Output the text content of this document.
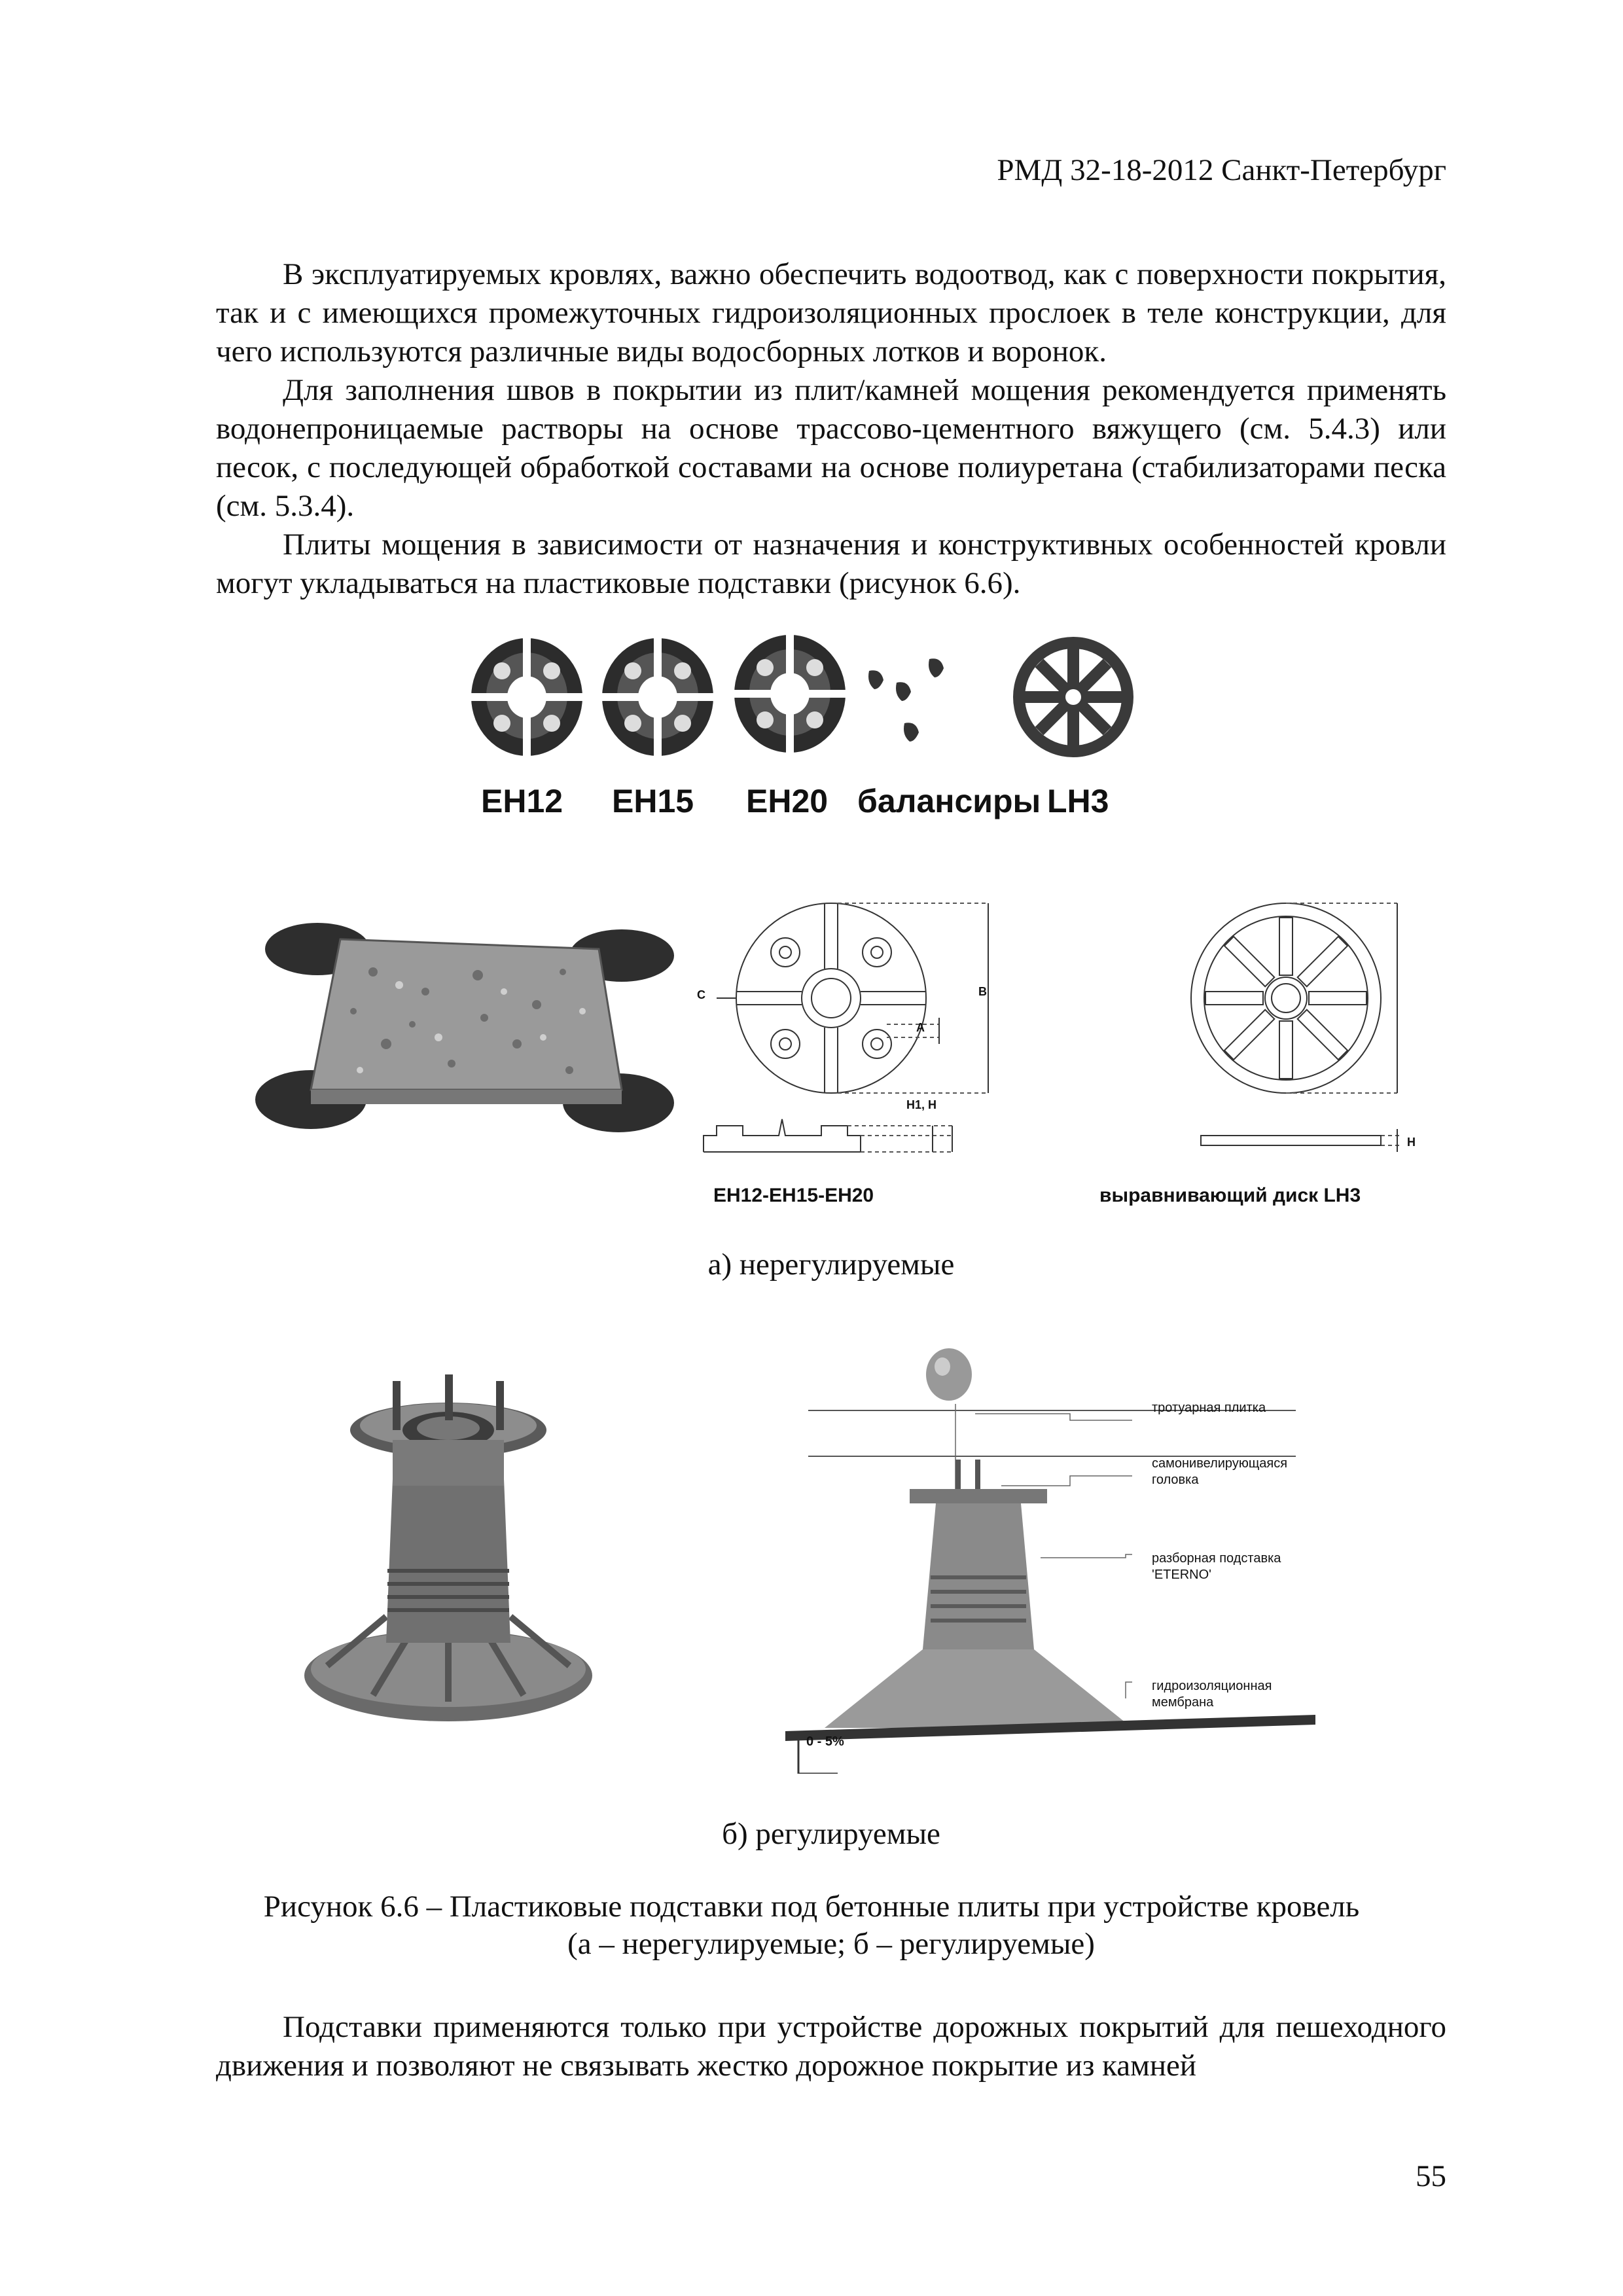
РМД 32-18-2012 Санкт-Петербург

В эксплуатируемых кровлях, важно обеспечить водоотвод, как с поверхности покрытия, так и с имеющихся промежуточных гидроизоляционных прослоек в теле конструкции, для чего используются различные виды водосборных лотков и воронок.

Для заполнения швов в покрытии из плит/камней мощения рекомендуется применять водонепроницаемые растворы на основе трассово-цементного вяжущего (см. 5.4.3) или песок, с последующей обработкой составами на основе полиуретана (стабилизаторами песка (см. 5.3.4).

Плиты мощения в зависимости от назначения и конструктивных особенностей кровли могут укладываться на пластиковые подставки (рисунок 6.6).

ЕН12 ЕН15 ЕН20 балансиры LH3
C	B
A
H1, H
H
ЕН12-ЕН15-ЕН20	выравнивающий диск LH3
а) нерегулируемые
тротуарная плитка
самонивелирующаяся
головка
разборная подставка
'ETERNO'
гидроизоляционная
мембрана
0 - 5%
б) регулируемые
Рисунок 6.6 – Пластиковые подставки под бетонные плиты при устройстве кровель
(а – нерегулируемые; б – регулируемые)

Подставки применяются только при устройстве дорожных покрытий для пешеходного движения и позволяют не связывать жестко дорожное покрытие из камней

55
